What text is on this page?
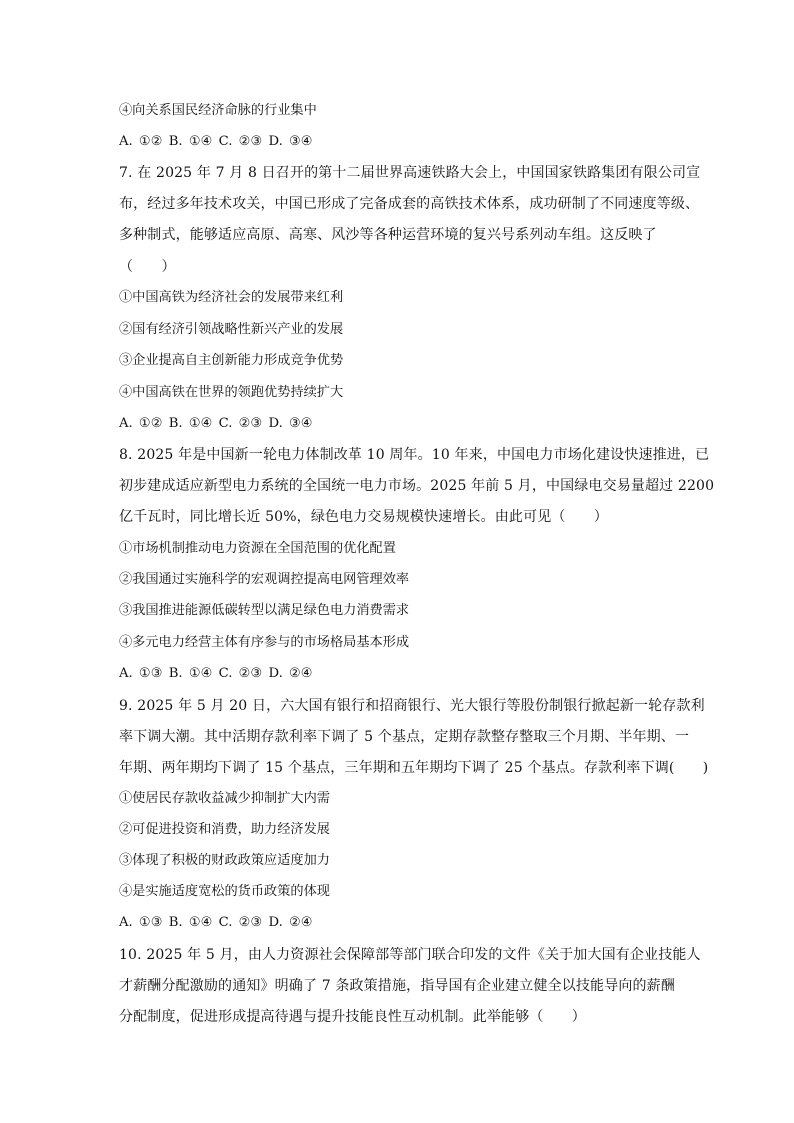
④向关系国民经济命脉的行业集中
A. ①② B. ①④ C. ②③ D. ③④
7. 在 2025 年 7 月 8 日召开的第十二届世界高速铁路大会上，中国国家铁路集团有限公司宣
布，经过多年技术攻关，中国已形成了完备成套的高铁技术体系，成功研制了不同速度等级、
多种制式，能够适应高原、高寒、风沙等各种运营环境的复兴号系列动车组。这反映了
（　　）
①中国高铁为经济社会的发展带来红利
②国有经济引领战略性新兴产业的发展
③企业提高自主创新能力形成竞争优势
④中国高铁在世界的领跑优势持续扩大
A. ①② B. ①④ C. ②③ D. ③④
8. 2025 年是中国新一轮电力体制改革 10 周年。10 年来，中国电力市场化建设快速推进，已
初步建成适应新型电力系统的全国统一电力市场。2025 年前 5 月，中国绿电交易量超过 2200
亿千瓦时，同比增长近 50%，绿色电力交易规模快速增长。由此可见（　　）
①市场机制推动电力资源在全国范围的优化配置
②我国通过实施科学的宏观调控提高电网管理效率
③我国推进能源低碳转型以满足绿色电力消费需求
④多元电力经营主体有序参与的市场格局基本形成
A. ①③ B. ①④ C. ②③ D. ②④
9. 2025 年 5 月 20 日，六大国有银行和招商银行、光大银行等股份制银行掀起新一轮存款利
率下调大潮。其中活期存款利率下调了 5 个基点，定期存款整存整取三个月期、半年期、一
年期、两年期均下调了 15 个基点，三年期和五年期均下调了 25 个基点。存款利率下调(　　)
①使居民存款收益减少抑制扩大内需
②可促进投资和消费，助力经济发展
③体现了积极的财政政策应适度加力
④是实施适度宽松的货币政策的体现
A. ①③ B. ①④ C. ②③ D. ②④
10. 2025 年 5 月，由人力资源社会保障部等部门联合印发的文件《关于加大国有企业技能人
才薪酬分配激励的通知》明确了 7 条政策措施，指导国有企业建立健全以技能导向的薪酬
分配制度，促进形成提高待遇与提升技能良性互动机制。此举能够（　　）
